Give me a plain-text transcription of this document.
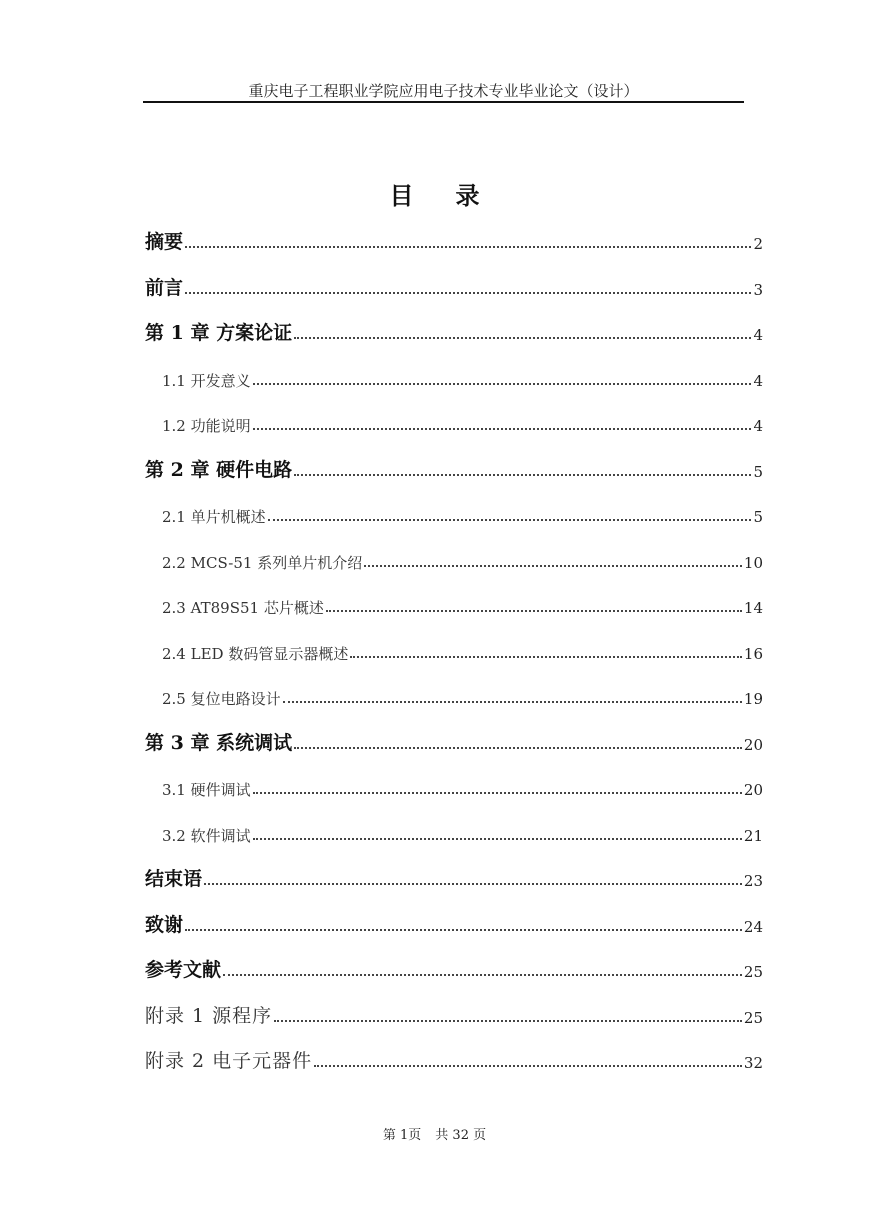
重庆电子工程职业学院应用电子技术专业毕业论文（设计）
目 录
摘要	2
前言	3
第 1 章 方案论证	4
1.1 开发意义	4
1.2 功能说明	4
第 2 章 硬件电路	5
2.1 单片机概述	5
2.2 MCS-51 系列单片机介绍	10
2.3 AT89S51 芯片概述	14
2.4 LED 数码管显示器概述	16
2.5 复位电路设计	19
第 3 章 系统调试	20
3.1 硬件调试	20
3.2 软件调试	21
结束语	23
致谢	24
参考文献	25
附录 1 源程序	25
附录 2 电子元器件	32
第 1页 共 32 页
